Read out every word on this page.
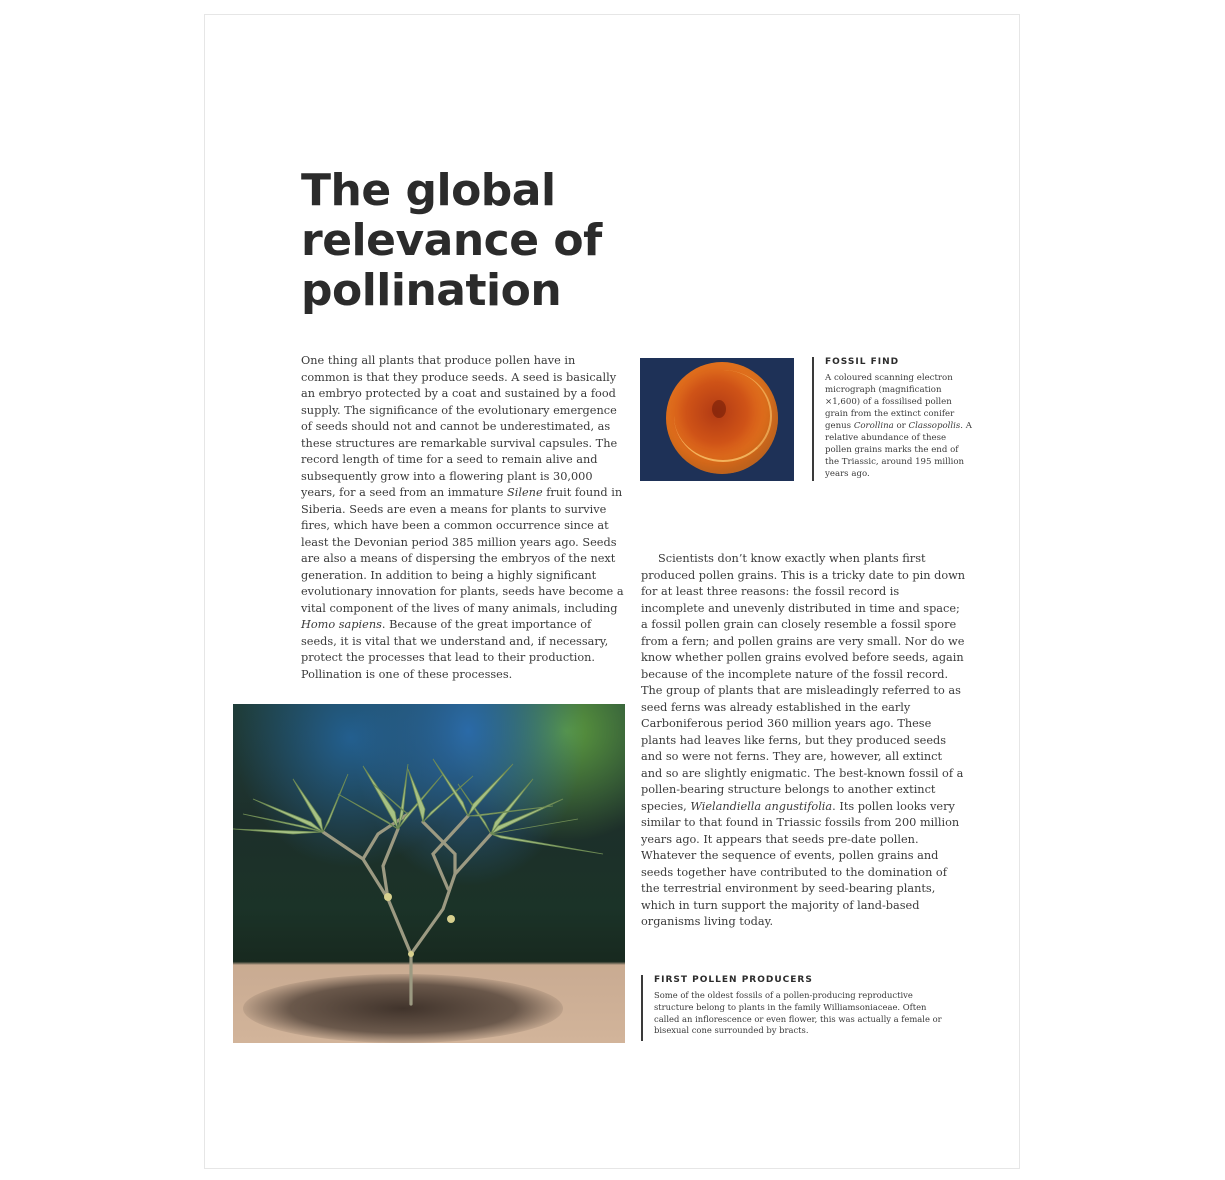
The global relevance of pollination

One thing all plants that produce pollen have in common is that they produce seeds. A seed is basically an embryo protected by a coat and sustained by a food supply. The significance of the evolutionary emergence of seeds should not and cannot be underestimated, as these structures are remarkable survival capsules. The record length of time for a seed to remain alive and subsequently grow into a flowering plant is 30,000 years, for a seed from an immature Silene fruit found in Siberia. Seeds are even a means for plants to survive fires, which have been a common occurrence since at least the Devonian period 385 million years ago. Seeds are also a means of dispersing the embryos of the next generation. In addition to being a highly significant evolutionary innovation for plants, seeds have become a vital component of the lives of many animals, including Homo sapiens. Because of the great importance of seeds, it is vital that we understand and, if necessary, protect the processes that lead to their production. Pollination is one of these processes.

FOSSIL FIND

A coloured scanning electron micrograph (magnification ×1,600) of a fossilised pollen grain from the extinct conifer genus Corollina or Classopollis. A relative abundance of these pollen grains marks the end of the Triassic, around 195 million years ago.

Scientists don’t know exactly when plants first produced pollen grains. This is a tricky date to pin down for at least three reasons: the fossil record is incomplete and unevenly distributed in time and space; a fossil pollen grain can closely resemble a fossil spore from a fern; and pollen grains are very small. Nor do we know whether pollen grains evolved before seeds, again because of the incomplete nature of the fossil record. The group of plants that are misleadingly referred to as seed ferns was already established in the early Carboniferous period 360 million years ago. These plants had leaves like ferns, but they produced seeds and so were not ferns. They are, however, all extinct and so are slightly enigmatic. The best-known fossil of a pollen-bearing structure belongs to another extinct species, Wielandiella angustifolia. Its pollen looks very similar to that found in Triassic fossils from 200 million years ago. It appears that seeds pre-date pollen. Whatever the sequence of events, pollen grains and seeds together have contributed to the domination of the terrestrial environment by seed-bearing plants, which in turn support the majority of land-based organisms living today.

FIRST POLLEN PRODUCERS

Some of the oldest fossils of a pollen-producing reproductive structure belong to plants in the family Williamsoniaceae. Often called an inflorescence or even flower, this was actually a female or bisexual cone surrounded by bracts.
